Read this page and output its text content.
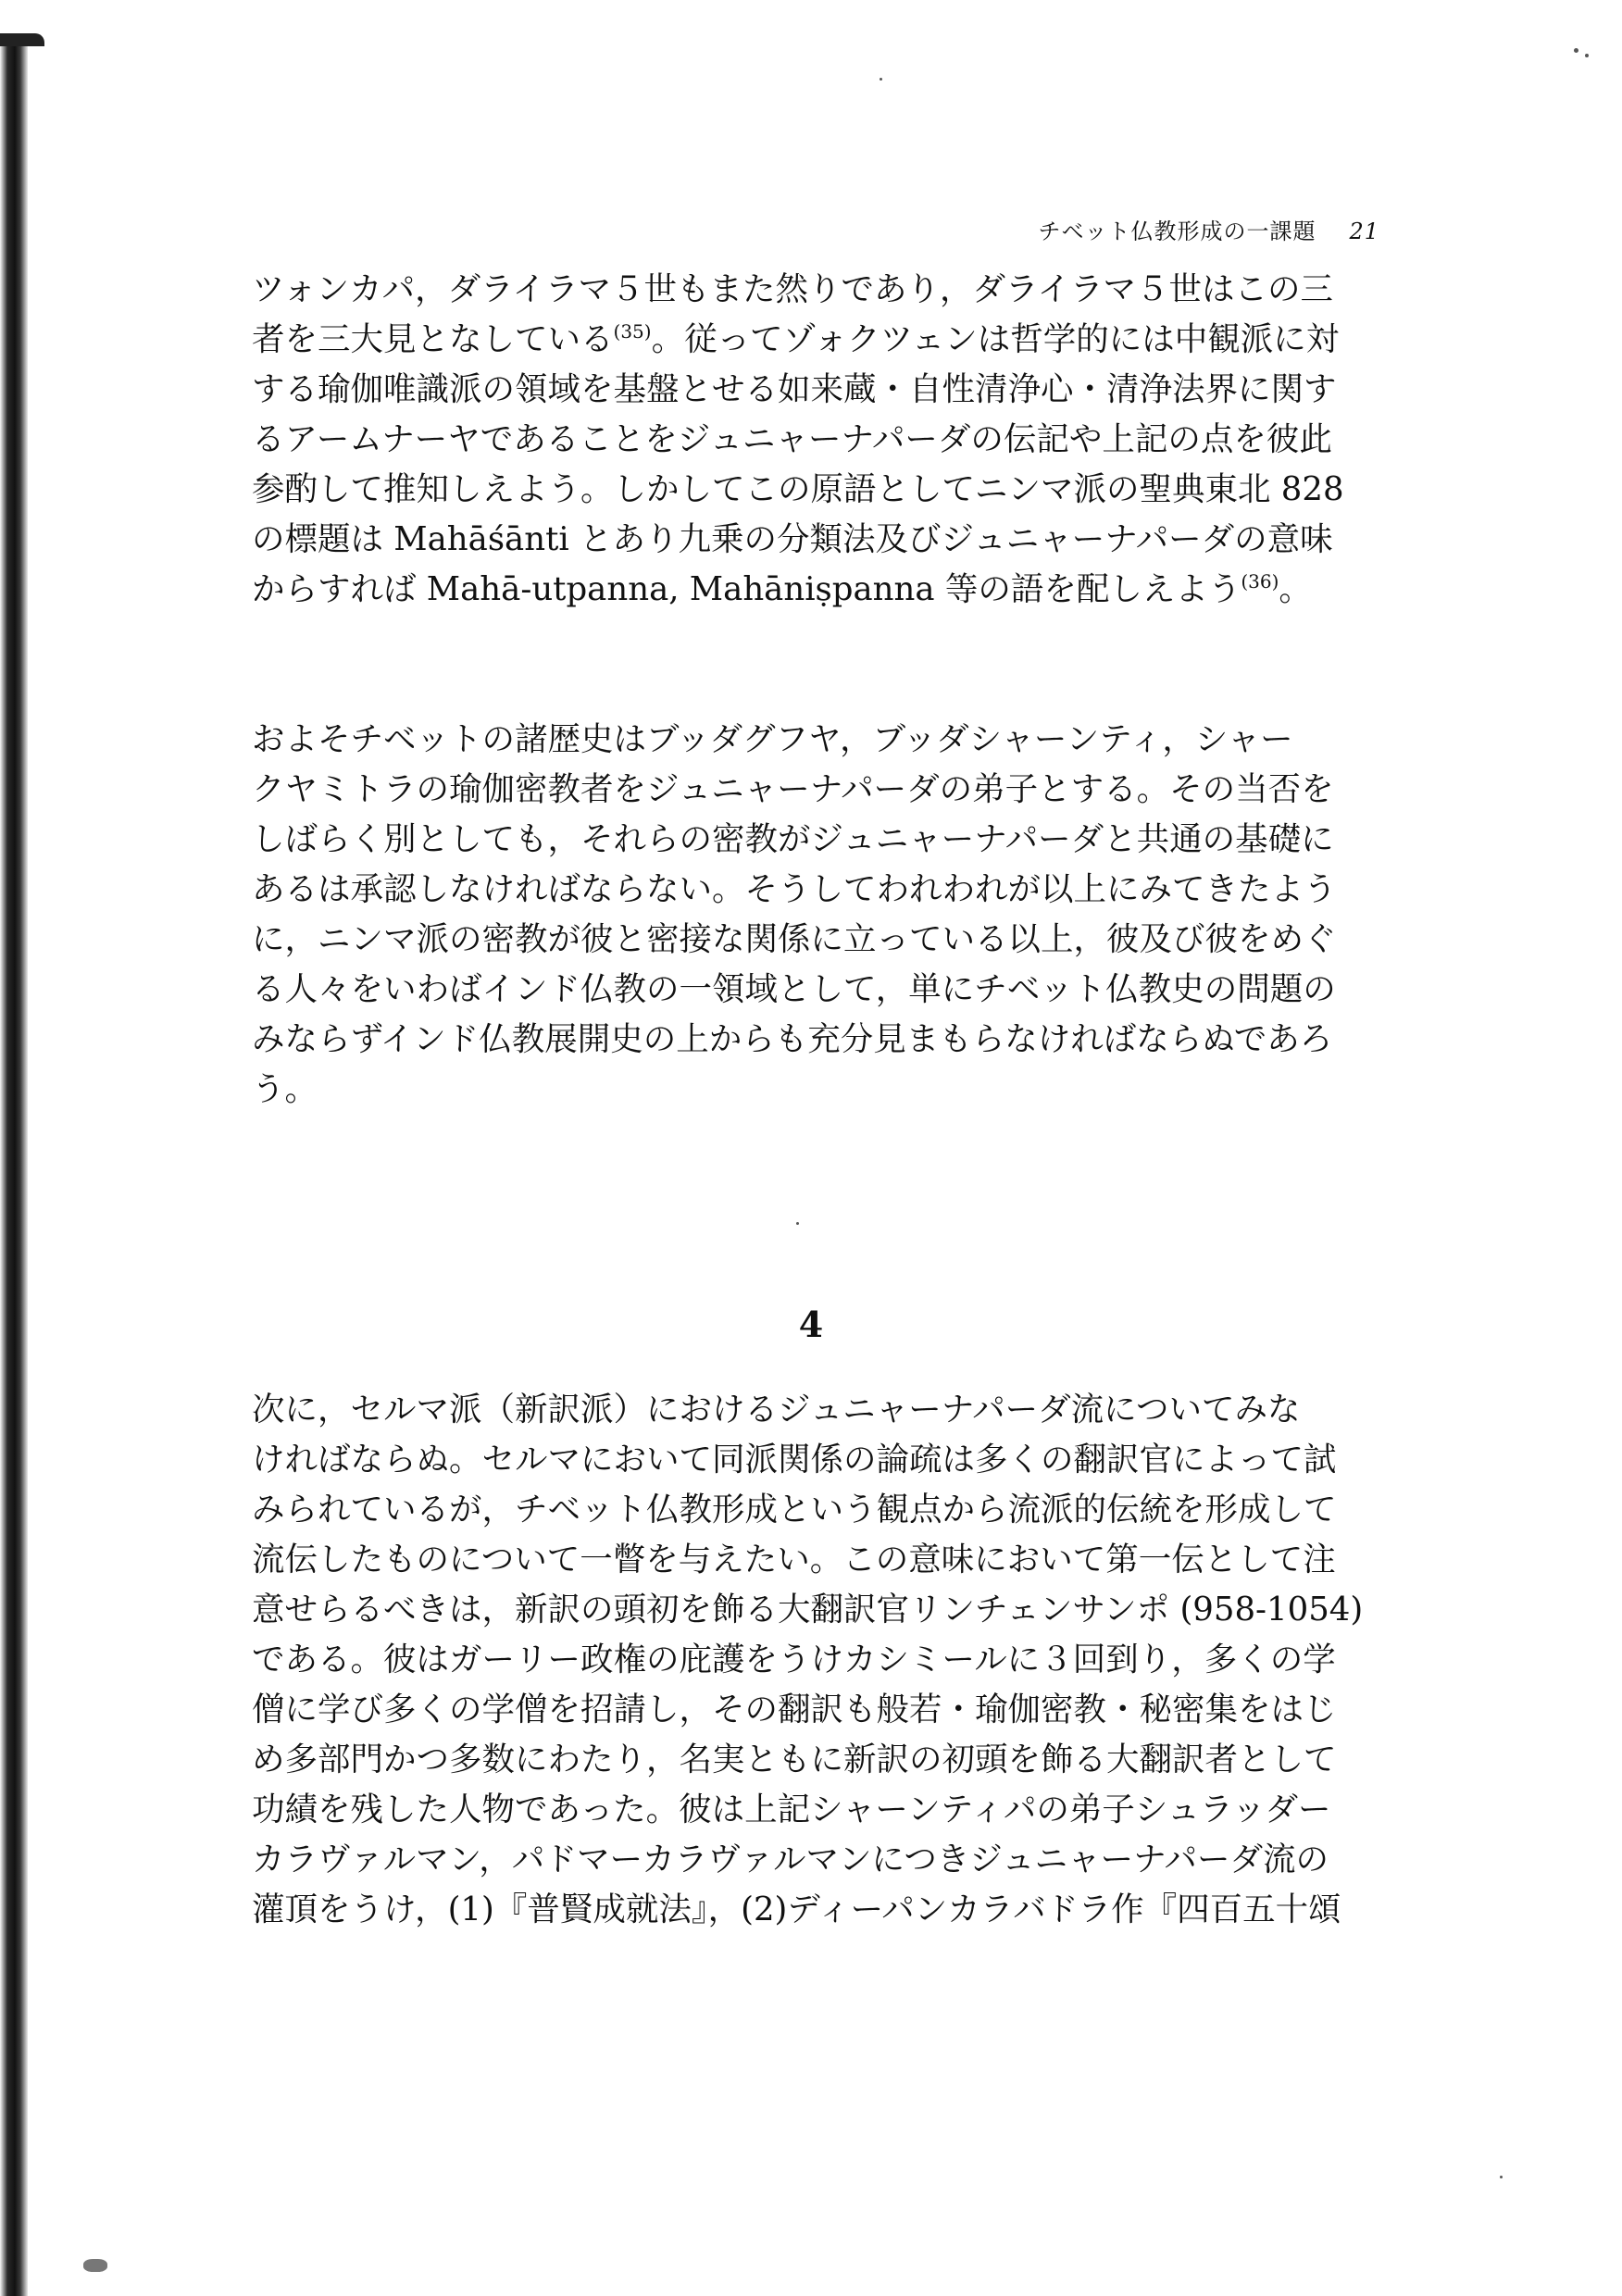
チベット仏教形成の一課題 21
ツォンカパ，ダライラマ５世もまた然りであり，ダライラマ５世はこの三
者を三大見となしている$^{(35)}$。従ってゾォクツェンは哲学的には中観派に対
する瑜伽唯識派の領域を基盤とせる如来蔵・自性清浄心・清浄法界に関す
るアームナーヤであることをジュニャーナパーダの伝記や上記の点を彼此
参酌して推知しえよう。しかしてこの原語としてニンマ派の聖典東北 828
の標題は Mahāśānti とあり九乗の分類法及びジュニャーナパーダの意味
からすれば Mahā-utpanna, Mahāniṣpanna 等の語を配しえよう$^{(36)}$。
およそチベットの諸歴史はブッダグフヤ，ブッダシャーンティ，シャー
クヤミトラの瑜伽密教者をジュニャーナパーダの弟子とする。その当否を
しばらく別としても，それらの密教がジュニャーナパーダと共通の基礎に
あるは承認しなければならない。そうしてわれわれが以上にみてきたよう
に，ニンマ派の密教が彼と密接な関係に立っている以上，彼及び彼をめぐ
る人々をいわばインド仏教の一領域として，単にチベット仏教史の問題の
みならずインド仏教展開史の上からも充分見まもらなければならぬであろ
う。
4
次に，セルマ派（新訳派）におけるジュニャーナパーダ流についてみな
ければならぬ。セルマにおいて同派関係の論疏は多くの翻訳官によって試
みられているが，チベット仏教形成という観点から流派的伝統を形成して
流伝したものについて一瞥を与えたい。この意味において第一伝として注
意せらるべきは，新訳の頭初を飾る大翻訳官リンチェンサンポ (958-1054)
である。彼はガーリー政権の庇護をうけカシミールに３回到り，多くの学
僧に学び多くの学僧を招請し，その翻訳も般若・瑜伽密教・秘密集をはじ
め多部門かつ多数にわたり，名実ともに新訳の初頭を飾る大翻訳者として
功績を残した人物であった。彼は上記シャーンティパの弟子シュラッダー
カラヴァルマン，パドマーカラヴァルマンにつきジュニャーナパーダ流の
灌頂をうけ，(1)『普賢成就法』，(2)ディーパンカラバドラ作『四百五十頌
